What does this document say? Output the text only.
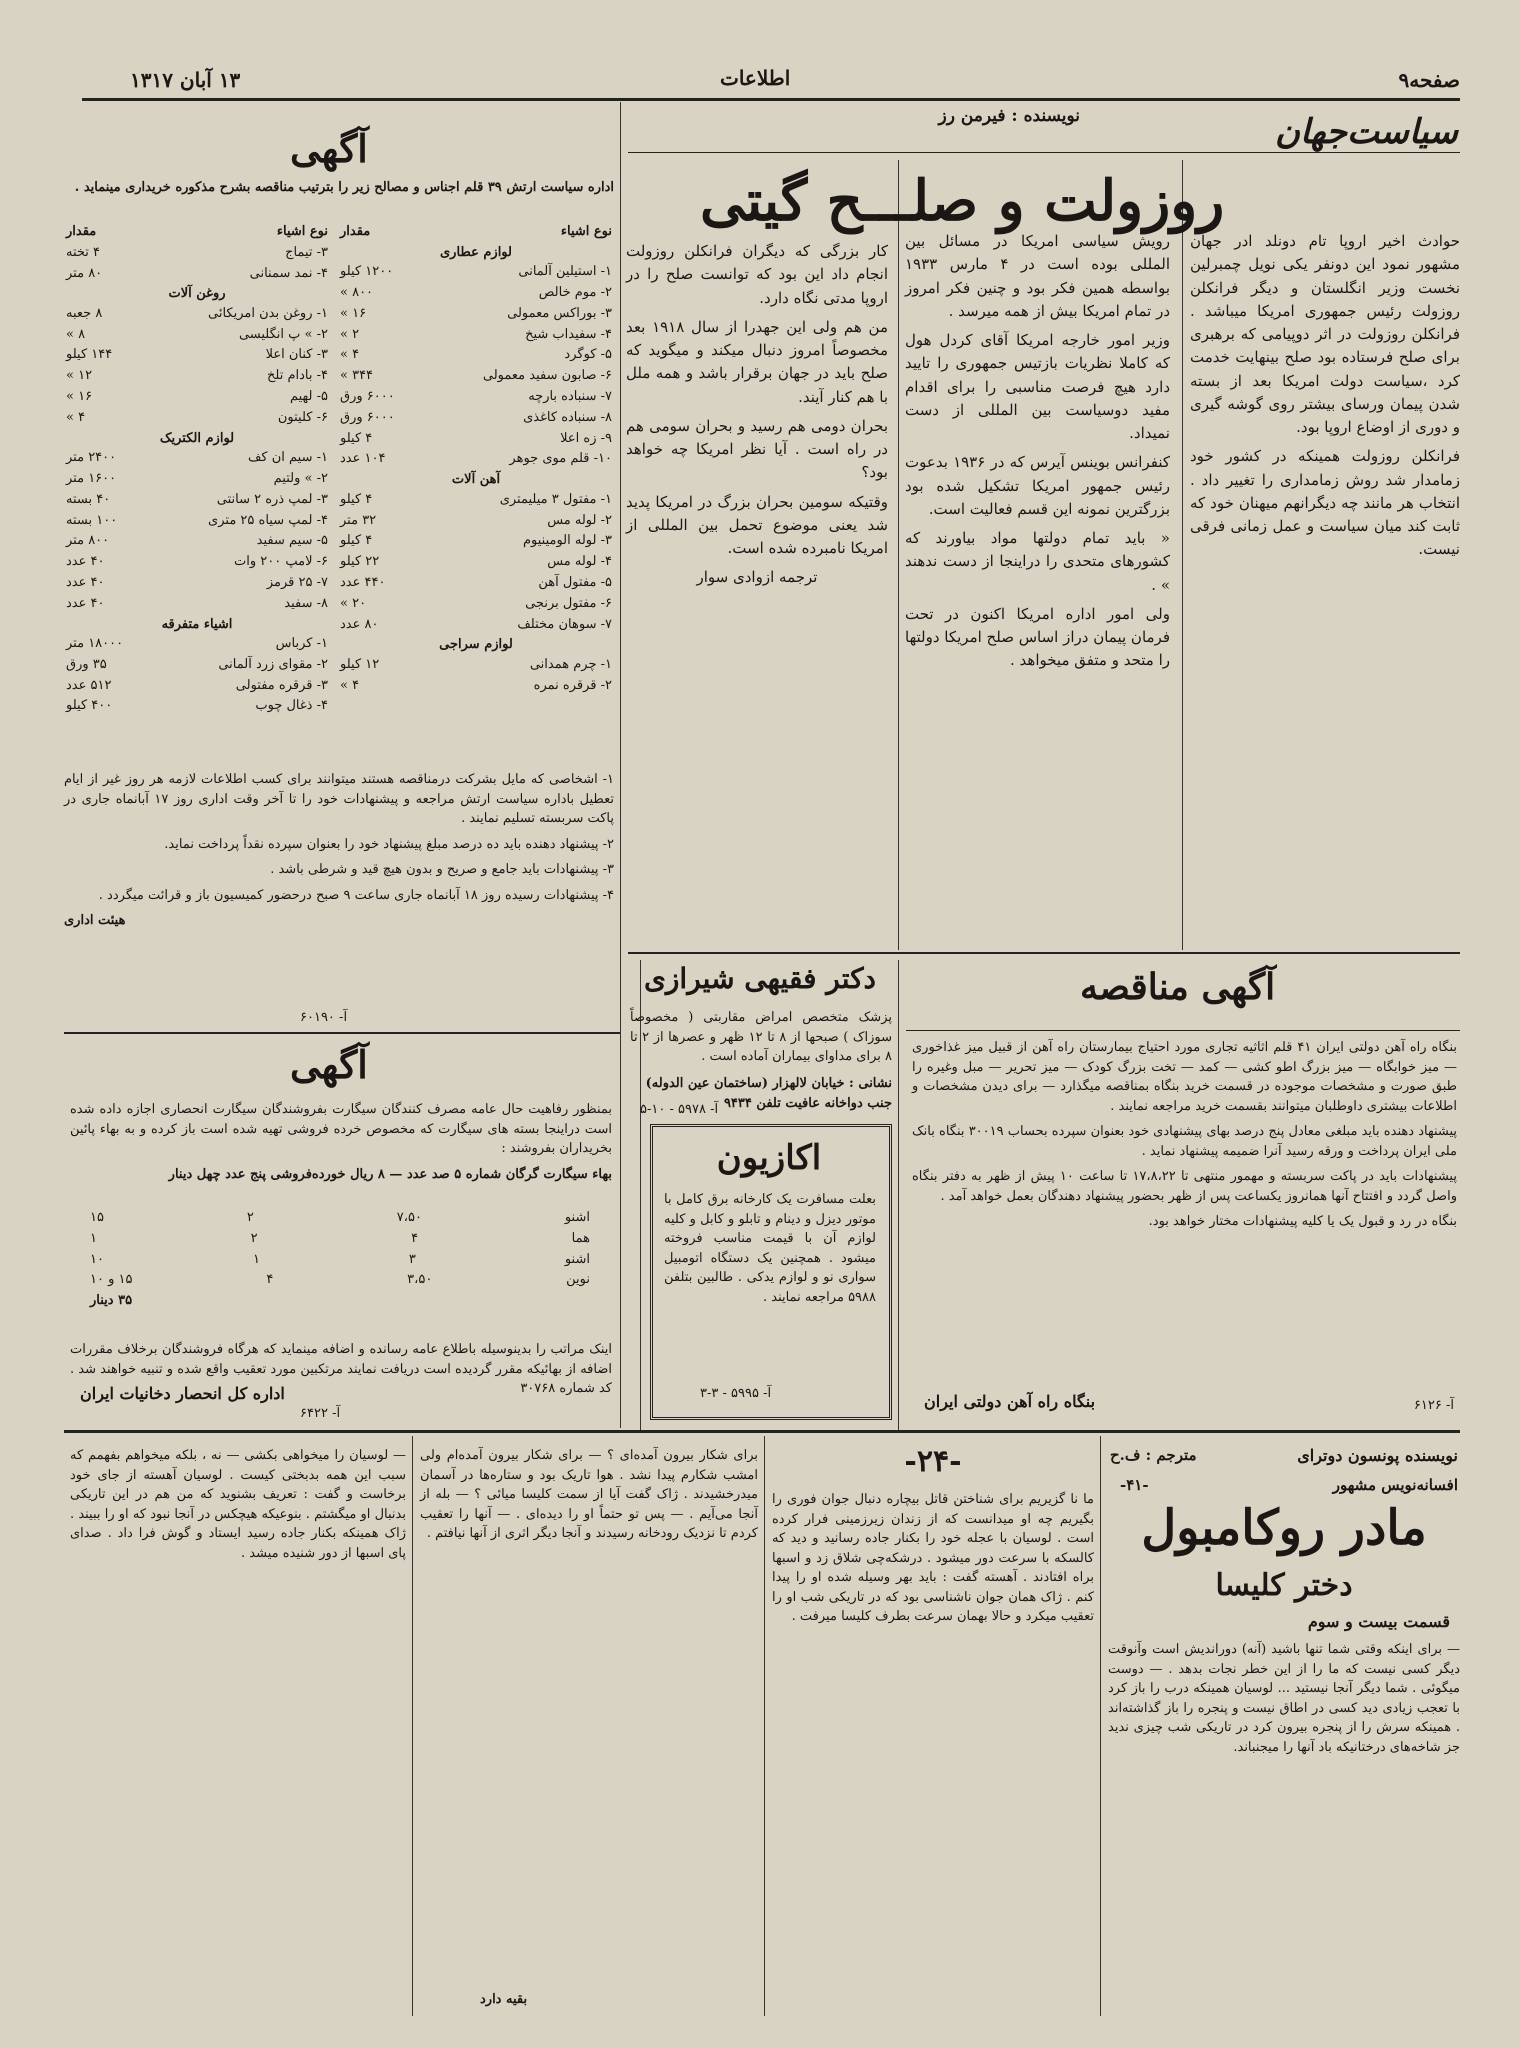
صفحه‌۹
اطلاعات
۱۳ آبان ۱۳۱۷
سیاست‌جهان
نویسنده : فیرمن رز
روزولت و صلـــح گیتی

حوادث اخیر اروپا تام دونلد ادر جهان مشهور نمود این دونفر یکی نویل چمبرلین نخست وزیر انگلستان و دیگر فرانکلن روزولت رئیس جمهوری امریکا میباشد . فرانکلن روزولت در اثر دوپیامی که برهبری برای صلح فرستاده بود صلح بینهایت خدمت کرد ،سیاست دولت امریکا بعد از بسته شدن پیمان ورسای بیشتر روی گوشه گیری و دوری از اوضاع اروپا بود.

فرانکلن روزولت همینکه در کشور خود زمامدار شد روش زمامداری را تغییر داد . انتخاب هر مانند چه دیگرانهم میهنان خود که ثابت کند میان سیاست و عمل زمانی فرقی نیست.

رویش سیاسی امریکا در مسائل بین المللی بوده است در ۴ مارس ۱۹۳۳ بواسطه همین فکر بود و چنین فکر امروز در تمام امریکا بیش از همه میرسد .

وزیر امور خارجه امریکا آقای کردل هول که کاملا نظریات بازتیس جمهوری را تایید دارد هیچ فرصت مناسبی را برای اقدام مفید دوسیاست بین المللی از دست نمیداد.

کنفرانس بوینس آیرس که در ۱۹۳۶ بدعوت رئیس جمهور امریکا تشکیل شده بود بزرگترین نمونه این قسم فعالیت است.

« باید تمام دولتها مواد بیاورند که کشورهای متحدی را دراینجا از دست ندهند » .

ولی امور اداره امریکا اکنون در تحت فرمان پیمان دراز اساس صلح امریکا دولتها را متحد و متفق میخواهد .

کار بزرگی که دیگران فرانکلن روزولت انجام داد این بود که توانست صلح را در اروپا مدتی نگاه دارد.

من هم ولی این جهدرا از سال ۱۹۱۸ بعد مخصوصاً امروز دنبال میکند و میگوید که صلح باید در جهان برقرار باشد و همه ملل با هم کنار آیند.

بحران دومی هم رسید و بحران سومی هم در راه است . آیا نظر امریکا چه خواهد بود؟

وقتیکه سومین بحران بزرگ در امریکا پدید شد یعنی موضوع تحمل بین المللی از امریکا نامبرده شده است.

ترجمه ازوادی سوار

آگهی
اداره سیاست ارتش ۳۹ قلم اجناس و مصالح زیر را بترتیب مناقصه بشرح مذکوره خریداری مینماید .
نوع اشیاء
مقدار
لوازم عطاری
۱- استیلین آلمانی
۱۲۰۰ کیلو
۲- موم خالص
۸۰۰ »
۳- بوراکس معمولی
۱۶ »
۴- سفیداب شیخ
۲ »
۵- کوگرد
۴ »
۶- صابون سفید معمولی
۳۴۴ »
۷- سنباده بارچه
۶۰۰۰ ورق
۸- سنباده کاغذی
۶۰۰۰ ورق
۹- زه اعلا
۴ کیلو
۱۰- قلم موی جوهر
۱۰۴ عدد
آهن آلات
۱- مفتول ۳ میلیمتری
۴ کیلو
۲- لوله مس
۳۲ متر
۳- لوله الومینیوم
۴ کیلو
۴- لوله مس
۲۲ کیلو
۵- مفتول آهن
۴۴۰ عدد
۶- مفتول برنجی
۲۰ »
۷- سوهان مختلف
۸۰ عدد
لوازم سراجی
۱- چرم همدانی
۱۲ کیلو
۲- قرقره نمره
۴ »
نوع اشیاء
مقدار
۳- تیماج
۴ تخته
۴- نمد سمنانی
۸۰ متر
روغن آلات
۱- روغن بدن امریکائی
۸ جعبه
۲- » پ انگلیسی
۸ »
۳- کنان اعلا
۱۴۴ کیلو
۴- بادام تلخ
۱۲ »
۵- لهیم
۱۶ »
۶- کلیتون
۴ »
لوازم الکتریک
۱- سیم ان کف
۲۴۰۰ متر
۲- » ولتیم
۱۶۰۰ متر
۳- لمپ ذره ۲ سانتی
۴۰ بسته
۴- لمپ سیاه ۲۵ متری
۱۰۰ بسته
۵- سیم سفید
۸۰۰ متر
۶- لامپ ۲۰۰ وات
۴۰ عدد
۷- ۲۵ قرمز
۴۰ عدد
۸- سفید
۴۰ عدد
اشیاء متفرقه
۱- کرباس
۱۸۰۰۰ متر
۲- مقوای زرد آلمانی
۳۵ ورق
۳- قرقره مفتولی
۵۱۲ عدد
۴- ذغال چوب
۴۰۰ کیلو

۱- اشخاصی که مایل بشرکت درمناقصه هستند میتوانند برای کسب اطلاعات لازمه هر روز غیر از ایام تعطیل باداره سیاست ارتش مراجعه و پیشنهادات خود را تا آخر وقت اداری روز ۱۷ آبانماه جاری در پاکت سربسته تسلیم نمایند .

۲- پیشنهاد دهنده باید ده درصد مبلغ پیشنهاد خود را بعنوان سپرده نقداً پرداخت نماید.

۳- پیشنهادات باید جامع و صریح و بدون هیچ قید و شرطی باشد .

۴- پیشنهادات رسیده روز ۱۸ آبانماه جاری ساعت ۹ صبح درحضور کمیسیون باز و قرائت میگردد .

هیئت اداری

آ- ۶۰۱۹۰
آگهی

بمنظور رفاهیت حال عامه مصرف کنندگان سیگارت بفروشندگان سیگارت انحصاری اجازه داده شده است دراینجا بسته های سیگارت که مخصوص خرده فروشی تهیه شده است باز کرده و به بهاء پائین بخریداران بفروشند :

بهاء سیگارت گرگان شماره ۵ صد عدد — ۸ ریال خورده‌فروشی پنج عدد چهل دینار

اشنو
۷،۵۰
۲
۱۵
هما
۴
۲
۱
اشنو
۳
۱
۱۰
نوین
۳،۵۰
۴
۱۵ و ۱۰
۳۵ دینار
اینک مراتب را بدینوسیله باطلاع عامه رسانده و اضافه مینماید که هرگاه فروشندگان برخلاف مقررات اضافه از بهائیکه مقرر گردیده است دریافت نمایند مرتکبین مورد تعقیب واقع شده و تنبیه خواهند شد . کد شماره ۳۰۷۶۸
اداره کل انحصار دخانیات ایران
آ- ۶۴۲۲
دکتر فقیهی شیرازی
پزشک متخصص امراض مقاربتی ( مخصوصاً سوزاک ) صبحها از ۸ تا ۱۲ ظهر و عصرها از ۲ تا ۸ برای مداوای بیماران آماده است .
نشانی : خیابان لالهزار (ساختمان عین الدوله) جنب دواخانه عافیت تلفن ۹۴۳۴
آ- ۵۹۷۸ - ۱۰-۵
اکازیون
بعلت مسافرت یک کارخانه برق کامل با موتور دیزل و دینام و تابلو و کابل و کلیه لوازم آن با قیمت مناسب فروخته میشود . همچنین یک دستگاه اتومبیل سواری نو و لوازم یدکی . طالبین بتلفن ۵۹۸۸ مراجعه نمایند .
آ- ۵۹۹۵ - ۳-۳
آگهی مناقصه

بنگاه راه آهن دولتی ایران ۴۱ قلم اثاثیه تجاری مورد احتیاج بیمارستان راه آهن از قبیل میز غذاخوری — میز خوابگاه — میز بزرگ اطو کشی — کمد — تخت بزرگ کودک — میز تحریر — مبل وغیره را طبق صورت و مشخصات موجوده در قسمت خرید بنگاه بمناقصه میگذارد — برای دیدن مشخصات و اطلاعات بیشتری داوطلبان میتوانند بقسمت خرید مراجعه نمایند .

پیشنهاد دهنده باید مبلغی معادل پنج درصد بهای پیشنهادی خود بعنوان سپرده بحساب ۳۰۰۱۹ بنگاه بانک ملی ایران پرداخت و ورقه رسید آنرا ضمیمه پیشنهاد نماید .

پیشنهادات باید در پاکت سربسته و مهمور منتهی تا ۱۷،۸،۲۲ تا ساعت ۱۰ پیش از ظهر به دفتر بنگاه واصل گردد و افتتاح آنها همانروز یکساعت پس از ظهر بحضور پیشنهاد دهندگان بعمل خواهد آمد .

بنگاه در رد و قبول یک یا کلیه پیشنهادات مختار خواهد بود.

بنگاه راه آهن دولتی ایران	آ- ۶۱۲۶
نویسنده پونسون دوترای
مترجم : ف.ح
افسانه‌نویس مشهور
-۴۱-
مادر روکامبول
دختر کلیسا
قسمت بیست و سوم
-۲۴-
— برای اینکه وقتی شما تنها باشید (آنه) دوراندیش است وآنوقت دیگر کسی نیست که ما را از این خطر نجات بدهد . — دوست میگوئی . شما دیگر آنجا نیستید ... لوسیان همینکه درب را باز کرد با تعجب زیادی دید کسی در اطاق نیست و پنجره را باز گذاشته‌اند . همینکه سرش را از پنجره بیرون کرد در تاریکی شب چیزی ندید جز شاخه‌های درختانیکه باد آنها را میجنباند.
ما نا گزیریم برای شناختن قاتل بیچاره دنبال جوان فوری را بگیریم چه او میدانست که از زندان زیرزمینی فرار کرده است . لوسیان با عجله خود را بکنار جاده رسانید و دید که کالسکه با سرعت دور میشود . درشکه‌چی شلاق زد و اسبها براه افتادند . آهسته گفت : باید بهر وسیله شده او را پیدا کنم . ژاک همان جوان ناشناسی بود که در تاریکی شب او را تعقیب میکرد و حالا بهمان سرعت بطرف کلیسا میرفت .
برای شکار بیرون آمده‌ای ؟ — برای شکار بیرون آمده‌ام ولی امشب شکارم پیدا نشد . هوا تاریک بود و ستاره‌ها در آسمان میدرخشیدند . ژاک گفت آیا از سمت کلیسا میائی ؟ — بله از آنجا می‌آیم . — پس تو حتماً او را دیده‌ای . — آنها را تعقیب کردم تا نزدیک رودخانه رسیدند و آنجا دیگر اثری از آنها نیافتم .
— لوسیان را میخواهی بکشی — نه ، بلکه میخواهم بفهمم که سبب این همه بدبختی کیست . لوسیان آهسته از جای خود برخاست و گفت : تعریف بشنوید که من هم در این تاریکی بدنبال او میگشتم . بنوعیکه هیچکس در آنجا نبود که او را ببیند . ژاک همینکه بکنار جاده رسید ایستاد و گوش فرا داد . صدای پای اسبها از دور شنیده میشد .
بقیه دارد
